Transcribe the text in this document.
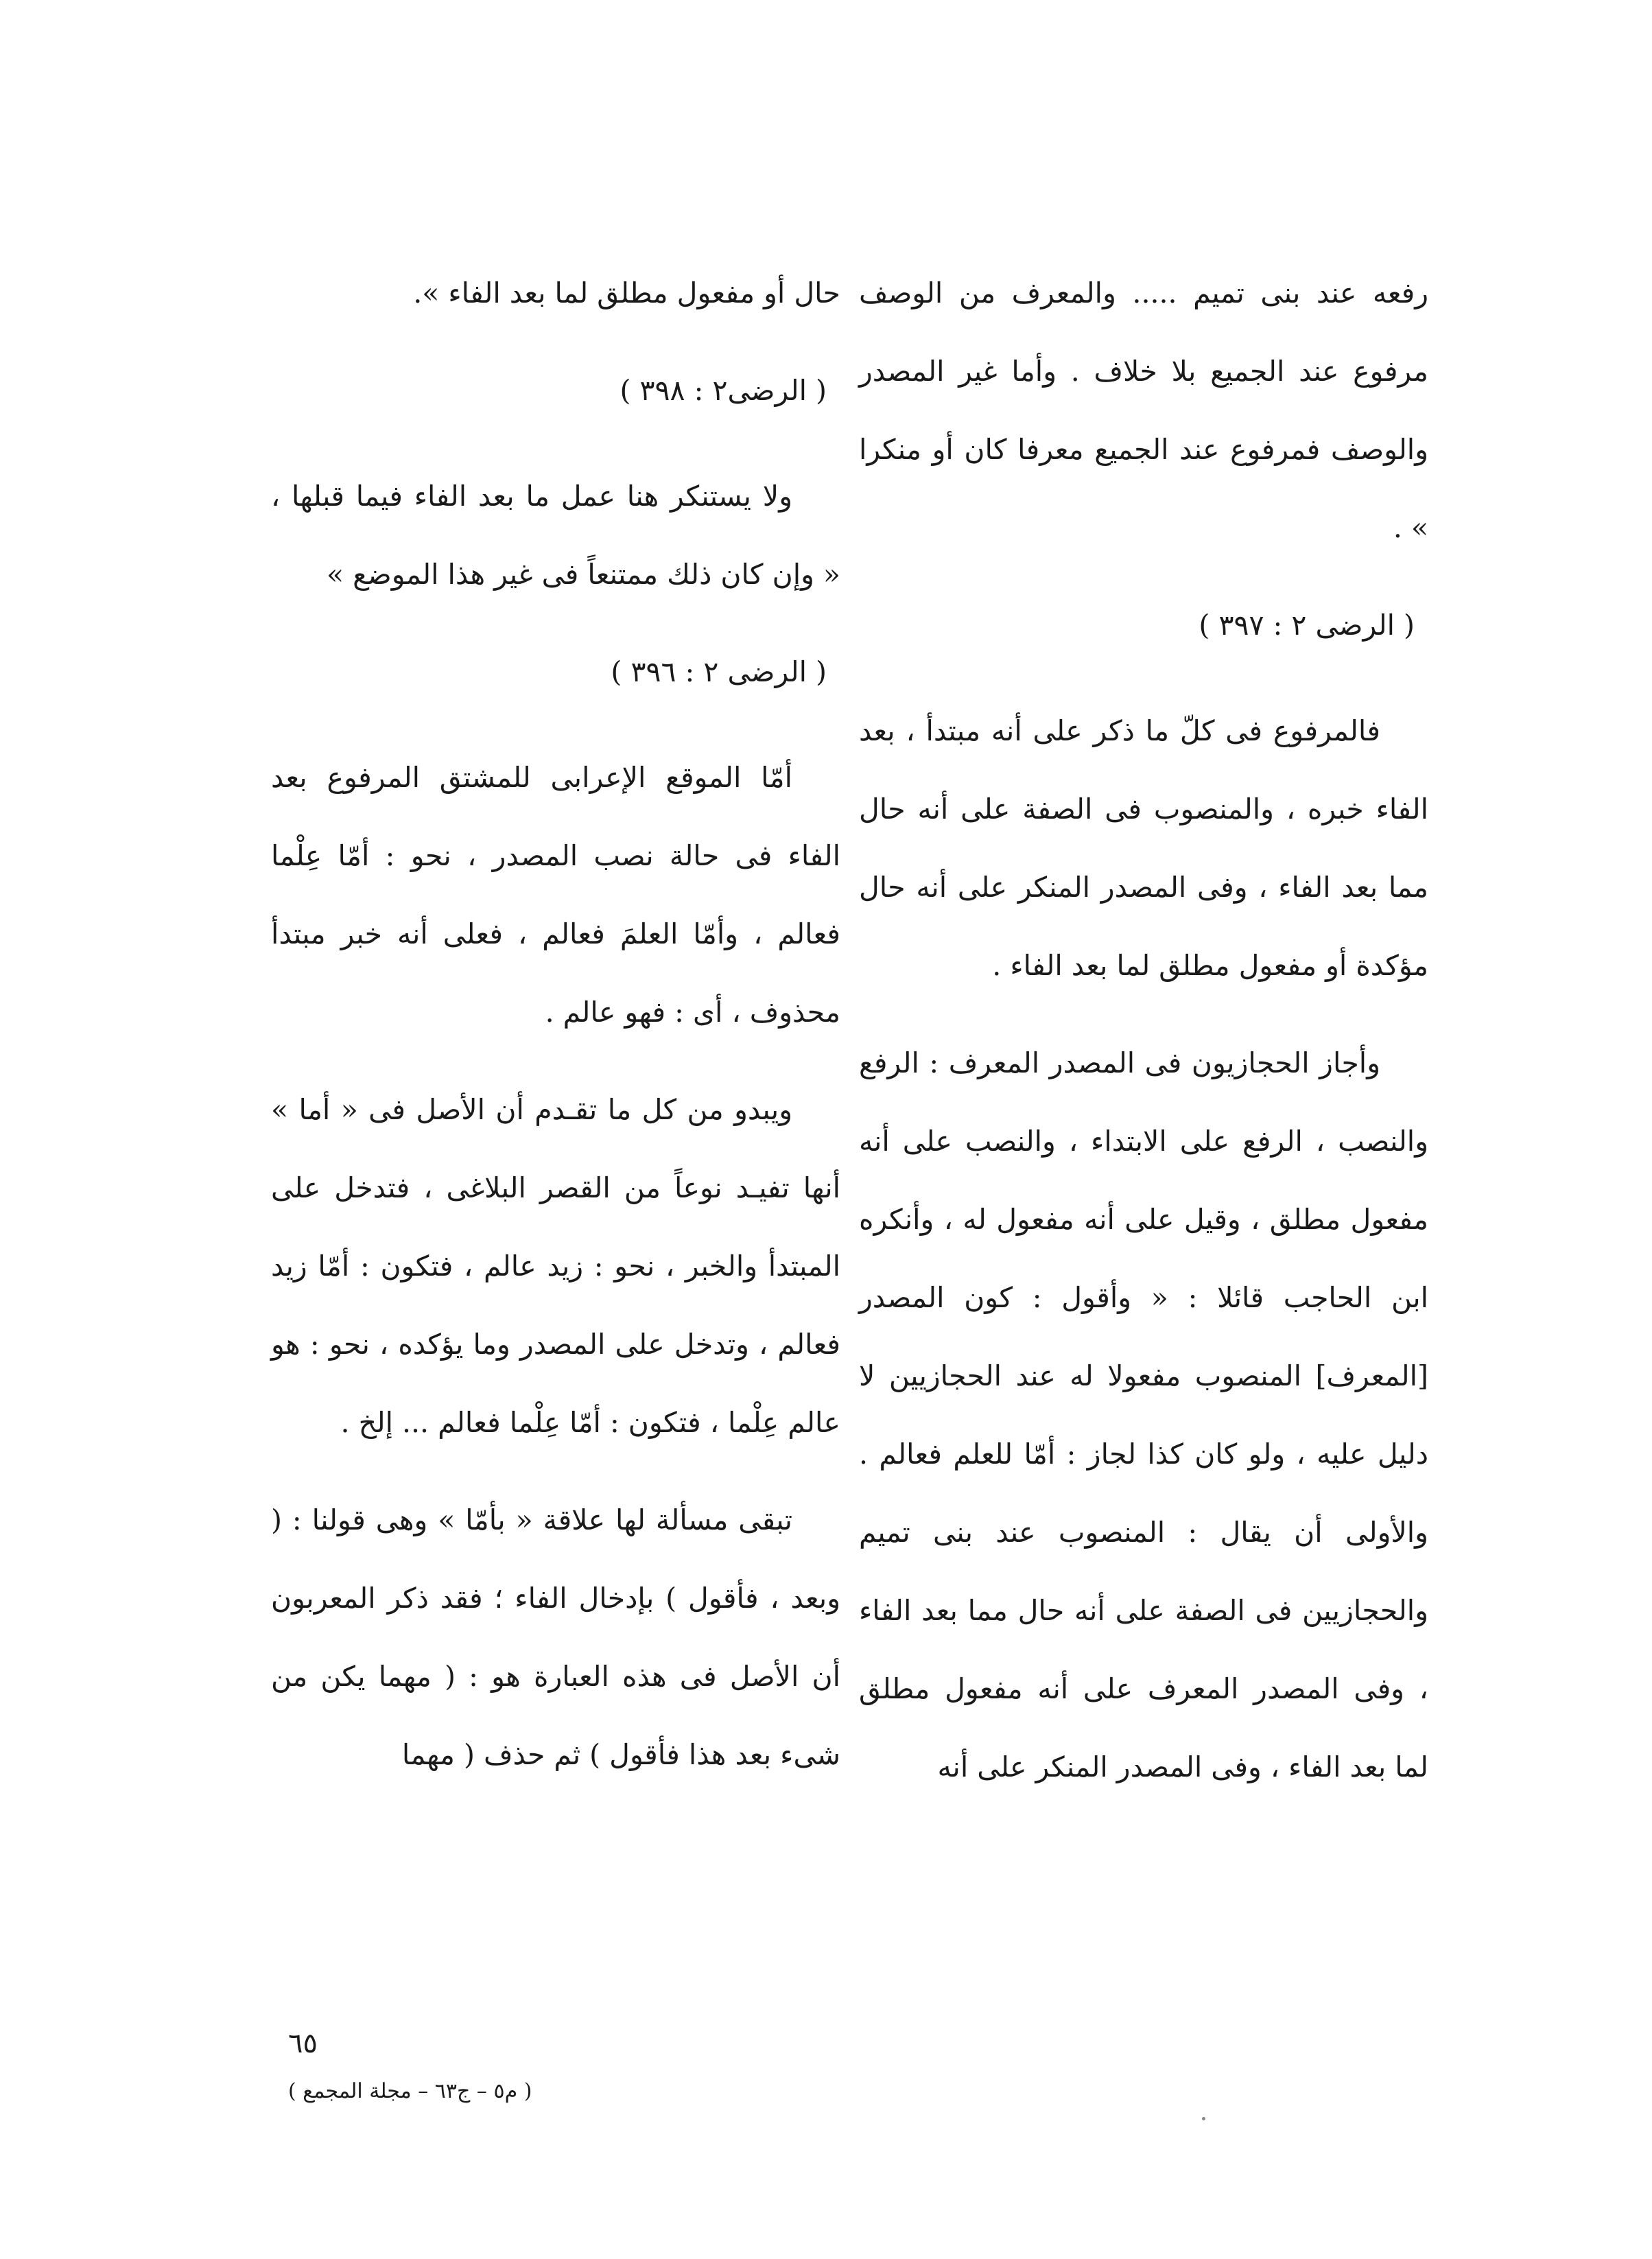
رفعه عند بنى تميم ..... والمعرف من الوصف مرفوع عند الجميع بلا خلاف . وأما غير المصدر والوصف فمرفوع عند الجميع معرفا كان أو منكرا » .

( الرضى ٢ : ٣٩٧ )

فالمرفوع فى كلّ ما ذكر على أنه مبتدأ ، بعد الفاء خبره ، والمنصوب فى الصفة على أنه حال مما بعد الفاء ، وفى المصدر المنكر على أنه حال مؤكدة أو مفعول مطلق لما بعد الفاء .

وأجاز الحجازيون فى المصدر المعرف : الرفع والنصب ، الرفع على الابتداء ، والنصب على أنه مفعول مطلق ، وقيل على أنه مفعول له ، وأنكره ابن الحاجب قائلا : « وأقول : كون المصدر [المعرف] المنصوب مفعولا له عند الحجازيين لا دليل عليه ، ولو كان كذا لجاز : أمّا للعلم فعالم . والأولى أن يقال : المنصوب عند بنى تميم والحجازيين فى الصفة على أنه حال مما بعد الفاء ، وفى المصدر المعرف على أنه مفعول مطلق لما بعد الفاء ، وفى المصدر المنكر على أنه

حال أو مفعول مطلق لما بعد الفاء ».

( الرضى٢ : ٣٩٨ )

ولا يستنكر هنا عمل ما بعد الفاء فيما قبلها ، « وإن كان ذلك ممتنعاً فى غير هذا الموضع »

( الرضى ٢ : ٣٩٦ )

أمّا الموقع الإعرابى للمشتق المرفوع بعد الفاء فى حالة نصب المصدر ، نحو : أمّا عِلْما فعالم ، وأمّا العلمَ فعالم ، فعلى أنه خبر مبتدأ محذوف ، أى : فهو عالم .

ويبدو من كل ما تقـدم أن الأصل فى « أما » أنها تفيـد نوعاً من القصر البلاغى ، فتدخل على المبتدأ والخبر ، نحو : زيد عالم ، فتكون : أمّا زيد فعالم ، وتدخل على المصدر وما يؤكده ، نحو : هو عالم عِلْما ، فتكون : أمّا عِلْما فعالم ... إلخ .

تبقى مسألة لها علاقة « بأمّا » وهى قولنا : ( وبعد ، فأقول ) بإدخال الفاء ؛ فقد ذكر المعربون أن الأصل فى هذه العبارة هو : ( مهما يكن من شىء بعد هذا فأقول ) ثم حذف ( مهما

٦٥
( م٥ – ج٦٣ – مجلة المجمع )
